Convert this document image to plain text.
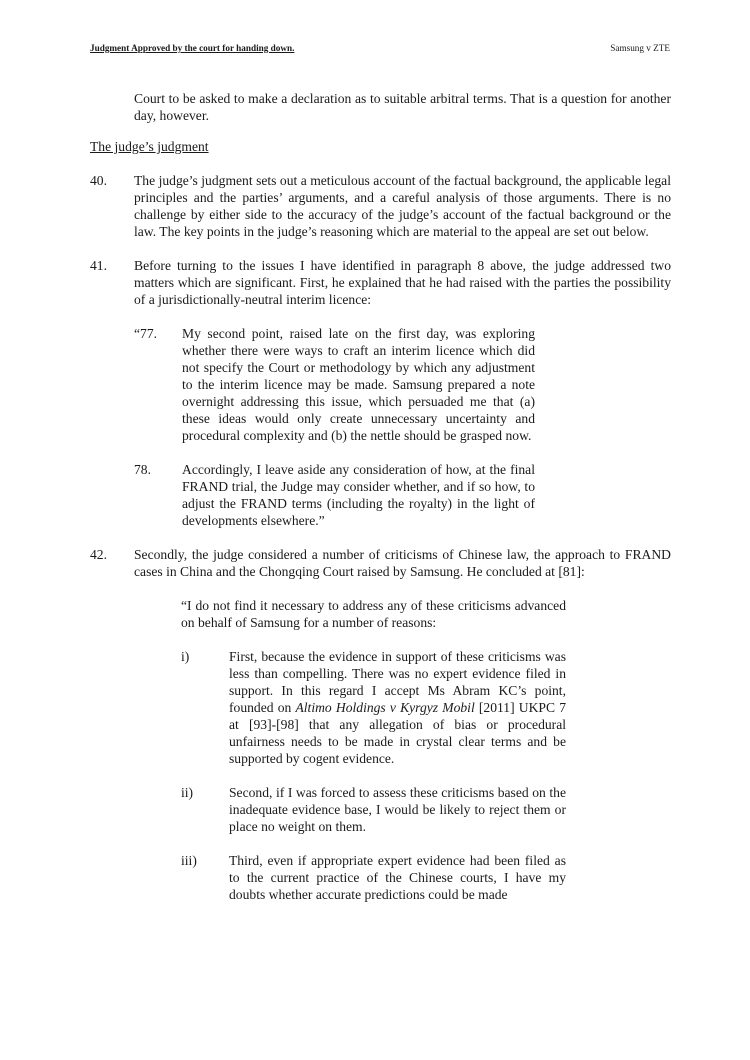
Judgment Approved by the court for handing down.	Samsung v ZTE

Court to be asked to make a declaration as to suitable arbitral terms. That is a question for another day, however.

The judge’s judgment

40.	The judge’s judgment sets out a meticulous account of the factual background, the applicable legal principles and the parties’ arguments, and a careful analysis of those arguments. There is no challenge by either side to the accuracy of the judge’s account of the factual background or the law. The key points in the judge’s reasoning which are material to the appeal are set out below.

41.	Before turning to the issues I have identified in paragraph 8 above, the judge addressed two matters which are significant. First, he explained that he had raised with the parties the possibility of a jurisdictionally-neutral interim licence:

“77.	My second point, raised late on the first day, was exploring whether there were ways to craft an interim licence which did not specify the Court or methodology by which any adjustment to the interim licence may be made. Samsung prepared a note overnight addressing this issue, which persuaded me that (a) these ideas would only create unnecessary uncertainty and procedural complexity and (b) the nettle should be grasped now.

78.	Accordingly, I leave aside any consideration of how, at the final FRAND trial, the Judge may consider whether, and if so how, to adjust the FRAND terms (including the royalty) in the light of developments elsewhere.”

42.	Secondly, the judge considered a number of criticisms of Chinese law, the approach to FRAND cases in China and the Chongqing Court raised by Samsung. He concluded at [81]:

“I do not find it necessary to address any of these criticisms advanced on behalf of Samsung for a number of reasons:

i)	First, because the evidence in support of these criticisms was less than compelling. There was no expert evidence filed in support. In this regard I accept Ms Abram KC’s point, founded on Altimo Holdings v Kyrgyz Mobil [2011] UKPC 7 at [93]-[98] that any allegation of bias or procedural unfairness needs to be made in crystal clear terms and be supported by cogent evidence.

ii)	Second, if I was forced to assess these criticisms based on the inadequate evidence base, I would be likely to reject them or place no weight on them.

iii)	Third, even if appropriate expert evidence had been filed as to the current practice of the Chinese courts, I have my doubts whether accurate predictions could be made
